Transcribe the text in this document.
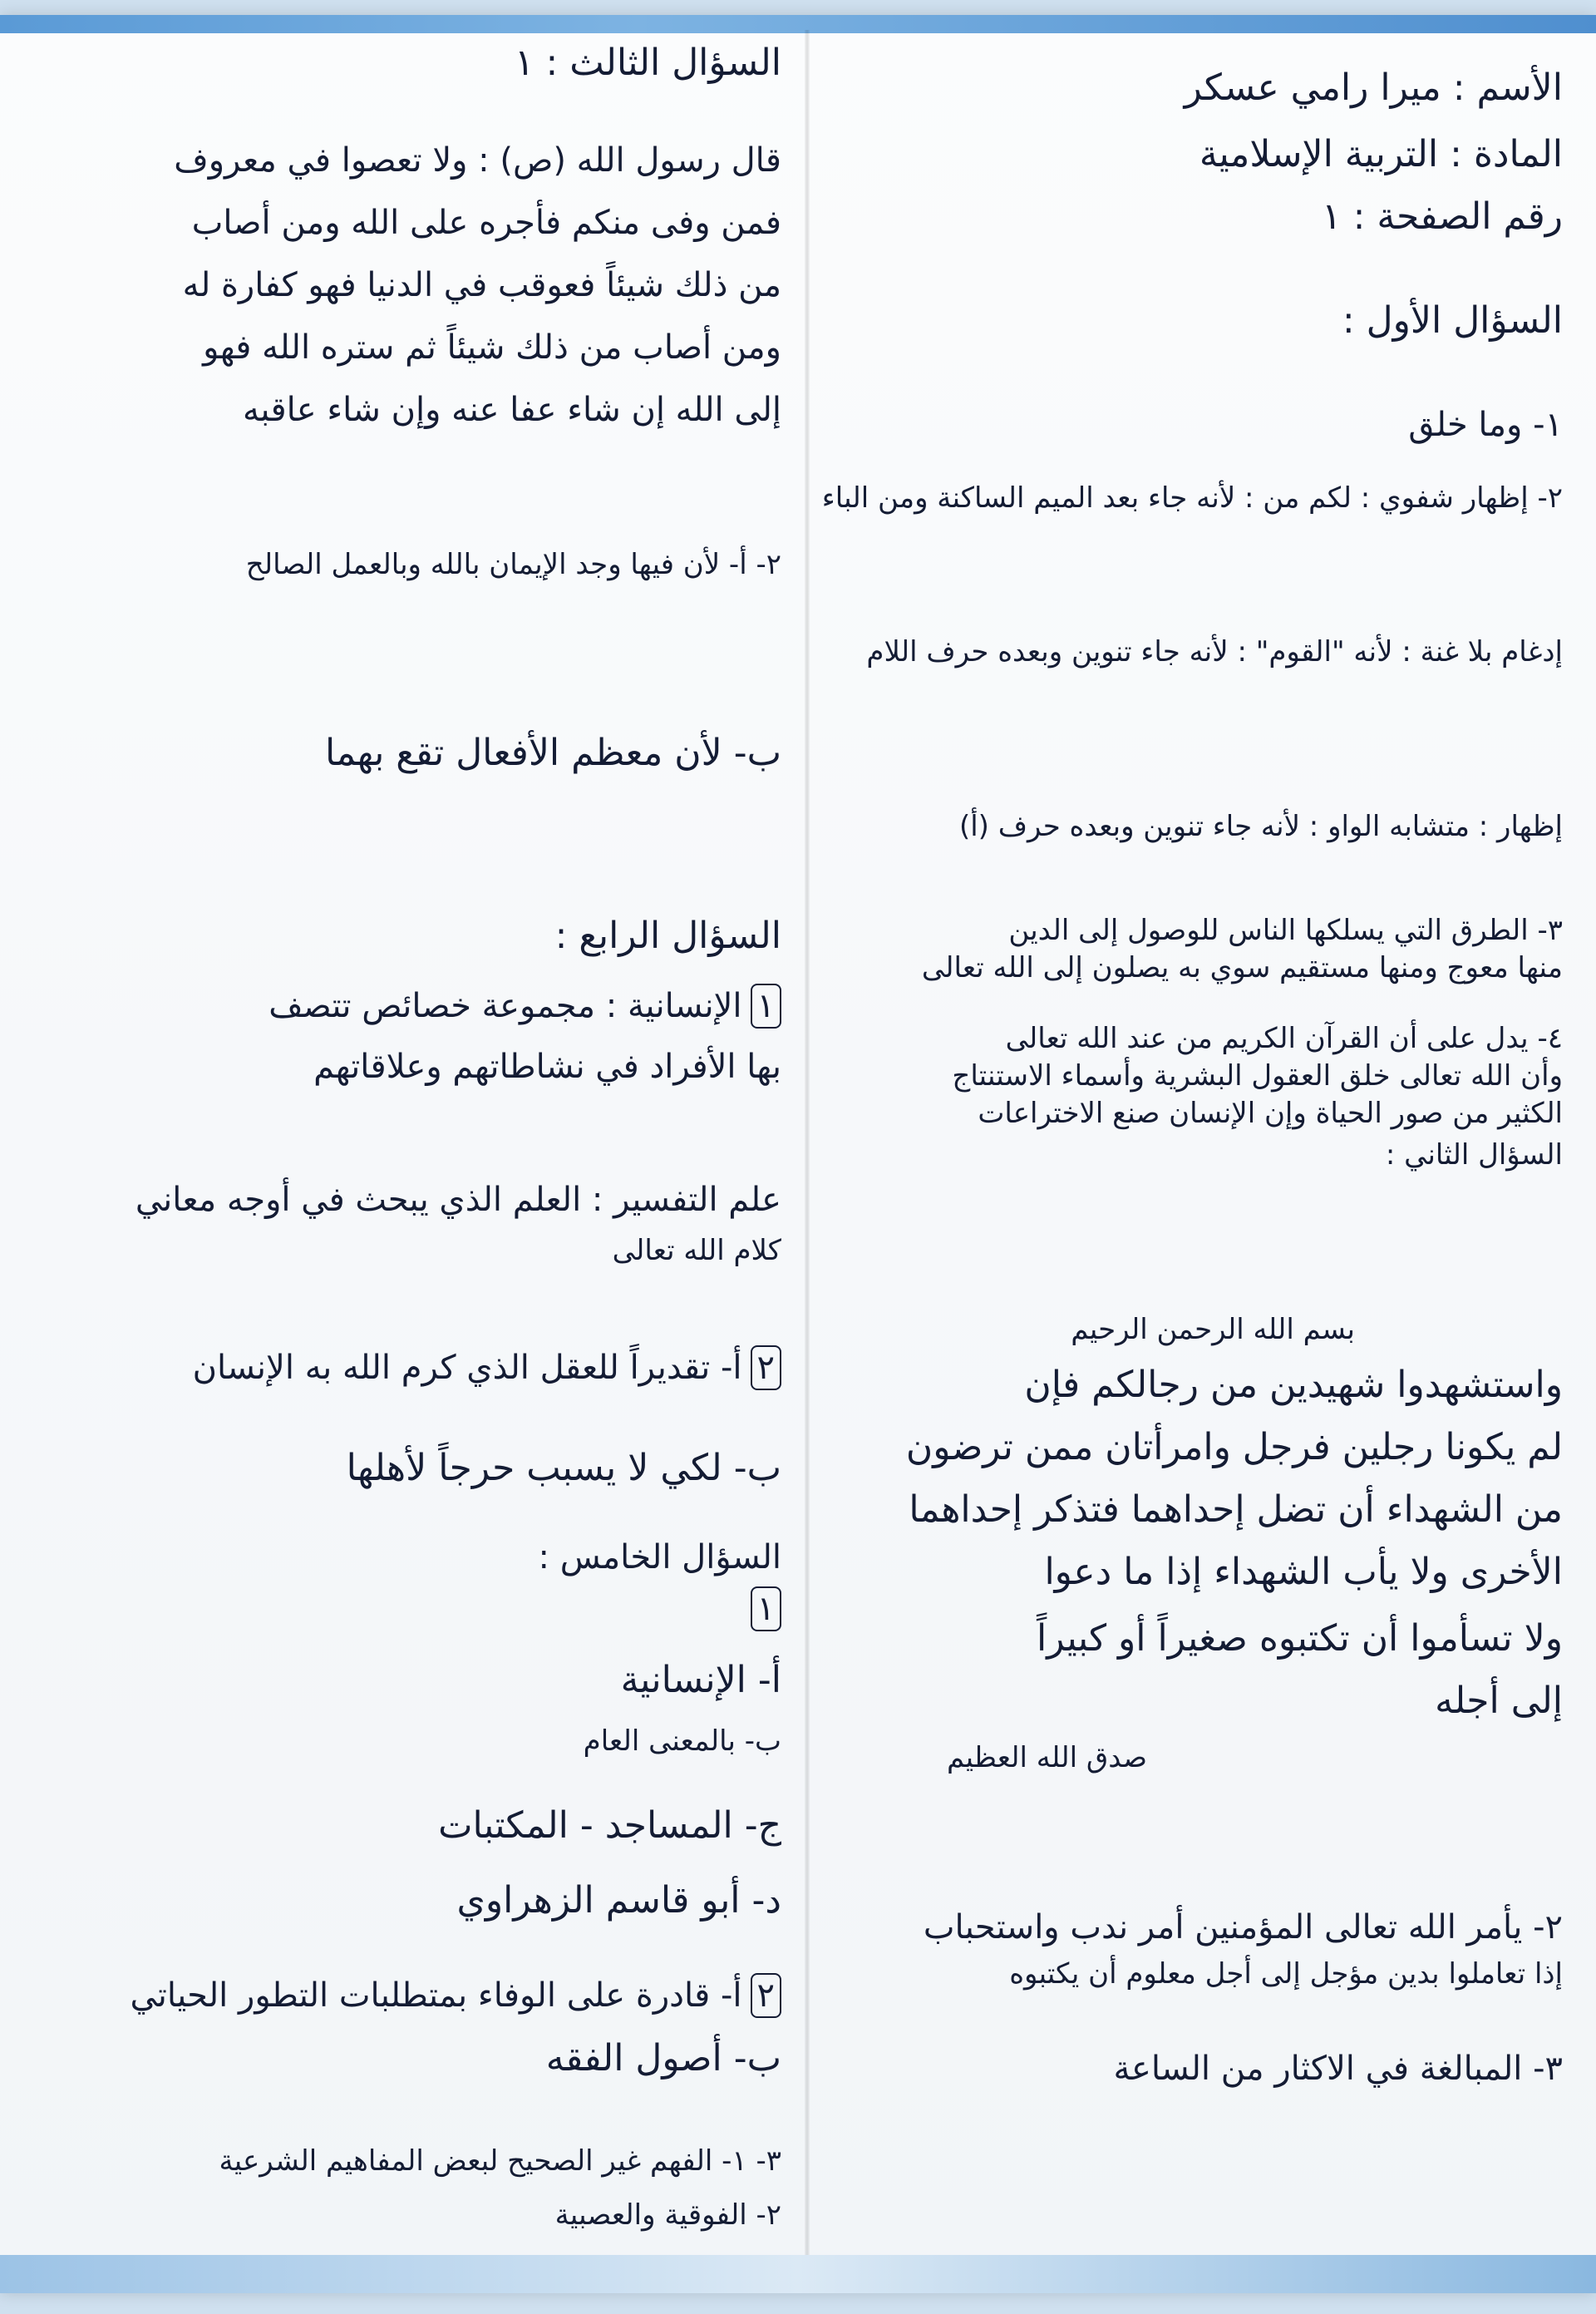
الأسم : ميرا رامي عسكر
المادة : التربية الإسلامية
رقم الصفحة : ١
السؤال الأول :
١- وما خلق
٢- إظهار شفوي : لكم من : لأنه جاء بعد الميم الساكنة ومن الباء
إدغام بلا غنة : لأنه "القوم" : لأنه جاء تنوين وبعده حرف اللام
إظهار : متشابه الواو : لأنه جاء تنوين وبعده حرف (أ)
٣- الطرق التي يسلكها الناس للوصول إلى الدين
منها معوج ومنها مستقيم سوي به يصلون إلى الله تعالى
٤- يدل على أن القرآن الكريم من عند الله تعالى
وأن الله تعالى خلق العقول البشرية وأسماء الاستنتاج
الكثير من صور الحياة وإن الإنسان صنع الاختراعات
السؤال الثاني :
بسم الله الرحمن الرحيم
واستشهدوا شهيدين من رجالكم فإن
لم يكونا رجلين فرجل وامرأتان ممن ترضون
من الشهداء أن تضل إحداهما فتذكر إحداهما
الأخرى ولا يأب الشهداء إذا ما دعوا
ولا تسأموا أن تكتبوه صغيراً أو كبيراً
إلى أجله
صدق الله العظيم
٢- يأمر الله تعالى المؤمنين أمر ندب واستحباب
إذا تعاملوا بدين مؤجل إلى أجل معلوم أن يكتبوه
٣- المبالغة في الاكثار من الساعة
السؤال الثالث : ١
قال رسول الله (ص) : ولا تعصوا في معروف
فمن وفى منكم فأجره على الله ومن أصاب
من ذلك شيئاً فعوقب في الدنيا فهو كفارة له
ومن أصاب من ذلك شيئاً ثم ستره الله فهو
إلى الله إن شاء عفا عنه وإن شاء عاقبه
٢- أ- لأن فيها وجد الإيمان بالله وبالعمل الصالح
ب- لأن معظم الأفعال تقع بهما
السؤال الرابع :
١الإنسانية : مجموعة خصائص تتصف
بها الأفراد في نشاطاتهم وعلاقاتهم
علم التفسير : العلم الذي يبحث في أوجه معاني
كلام الله تعالى
٢أ- تقديراً للعقل الذي كرم الله به الإنسان
ب- لكي لا يسبب حرجاً لأهلها
السؤال الخامس :
١
أ- الإنسانية
ب- بالمعنى العام
ج- المساجد - المكتبات
د- أبو قاسم الزهراوي
٢أ- قادرة على الوفاء بمتطلبات التطور الحياتي
ب- أصول الفقه
٣- ١- الفهم غير الصحيح لبعض المفاهيم الشرعية
٢- الفوقية والعصبية
